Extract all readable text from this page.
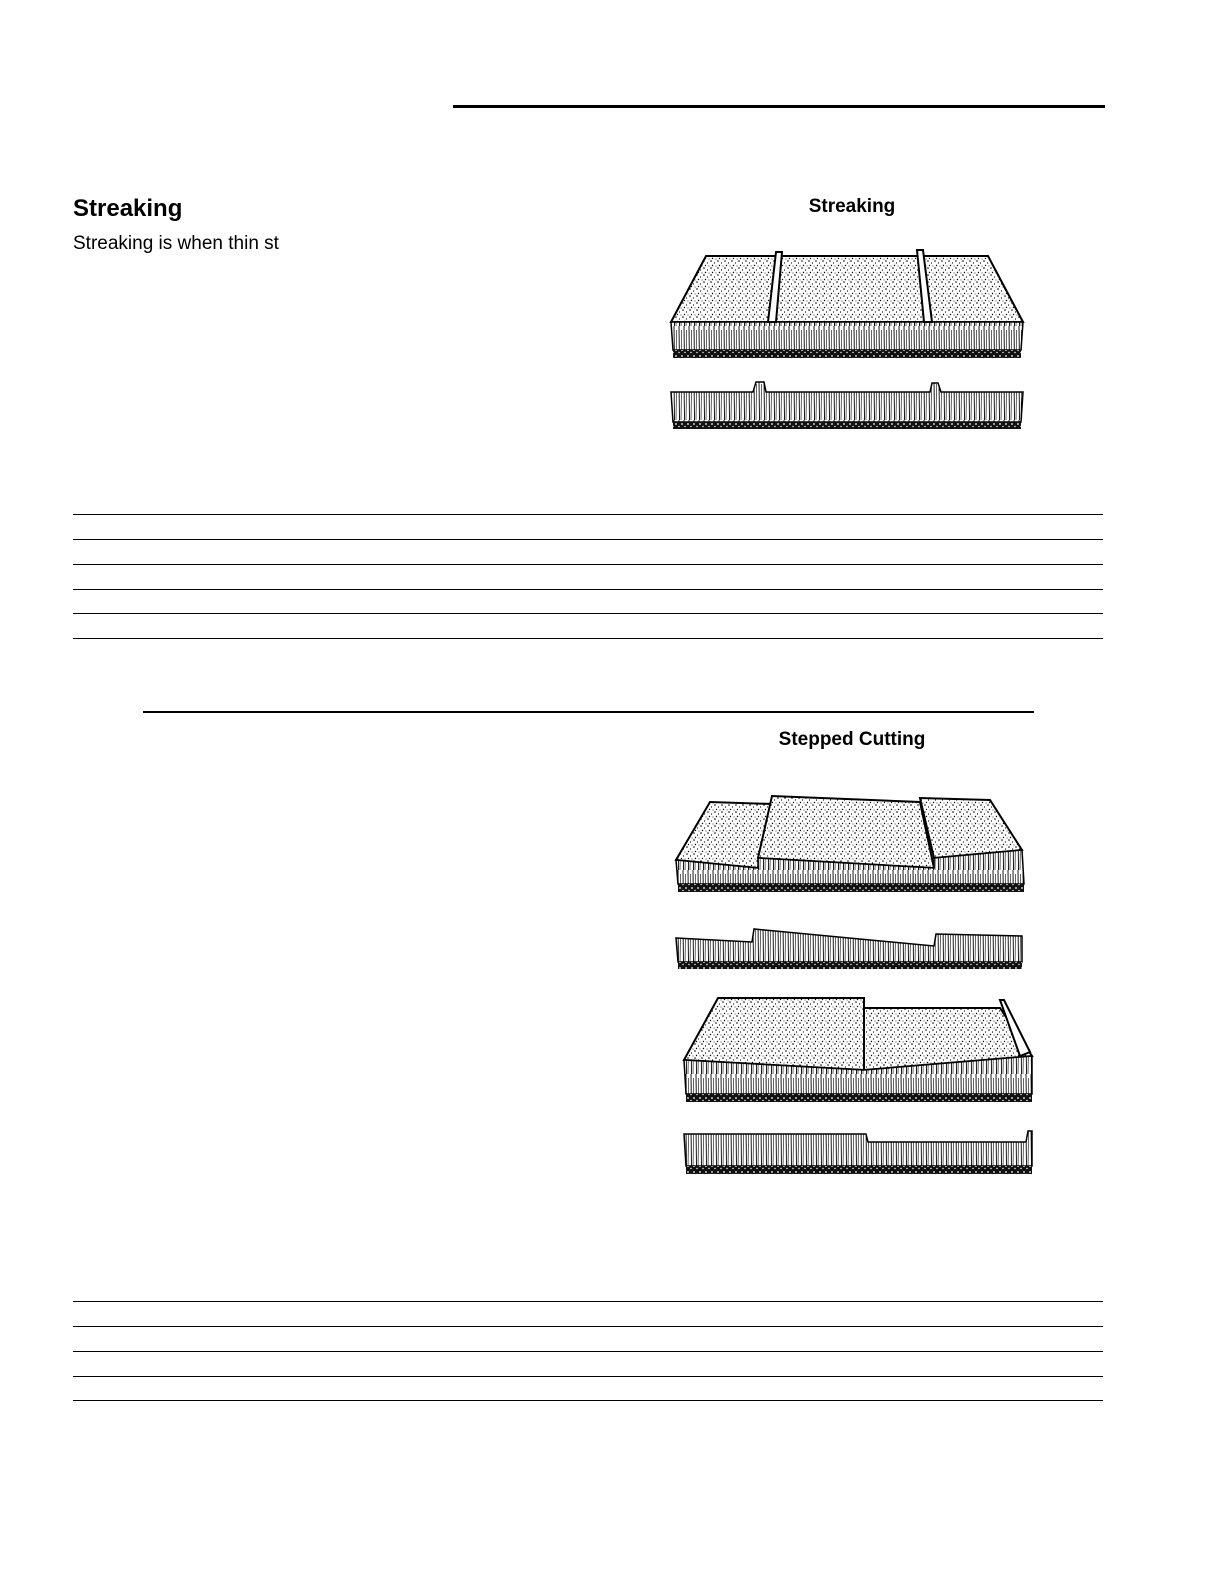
Streaking

Streaking is when thin st

Streaking
Stepped Cutting
